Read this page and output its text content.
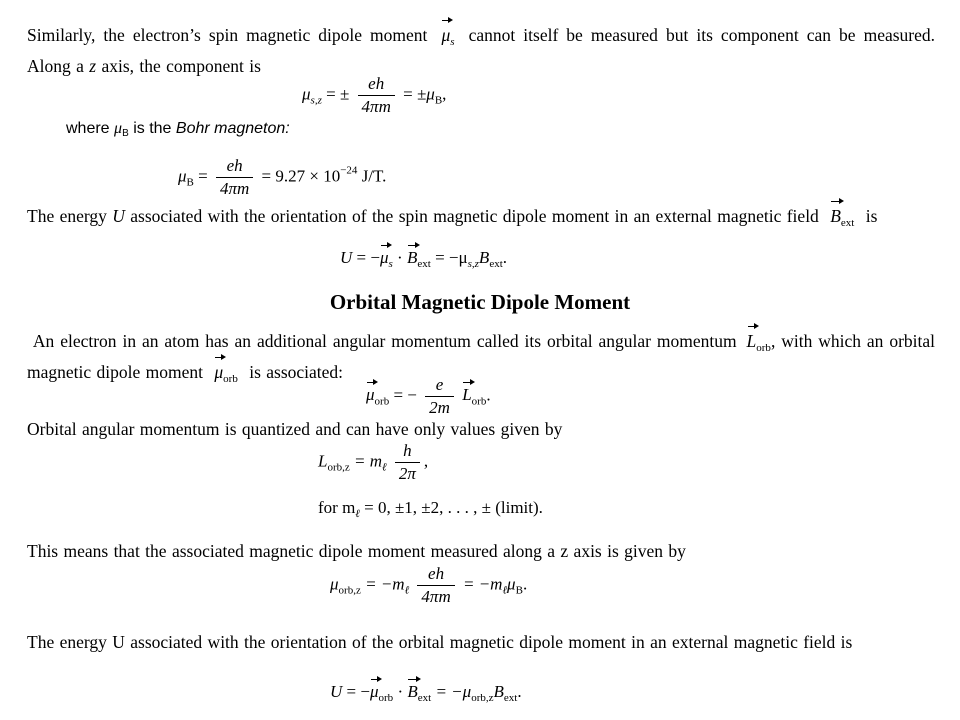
Similarly, the electron’s spin magnetic dipole moment $\mu_s$ cannot itself be measured but its component can be measured. Along a z axis, the component is
$\mu_{s,z}$ = ± $\frac{eh}{4\pi m} = \pm\mu_B$,
where μB is the Bohr magneton:
$\mu_B = \frac{eh}{4\pi m} = 9.27 \times 10^{-24}$ J/T.
The energy U associated with the orientation of the spin magnetic dipole moment in an external magnetic field $B_{ext}$ is
$U = -\mu_s \cdot B_{ext} = -\mu_{s,z}B_{ext}$.
Orbital Magnetic Dipole Moment
An electron in an atom has an additional angular momentum called its orbital angular momentum $L_{orb}$, with which an orbital magnetic dipole moment $\mu_{orb}$ is associated:
$\mu_{orb}$ = − $\frac{e}{2m} L_{orb}$.
Orbital angular momentum is quantized and can have only values given by
$L_{orb,z} = m_\ell \frac{h}{2\pi}$ ,
for $m_\ell = 0$, ±1, ±2, . . . , ± (limit).
This means that the associated magnetic dipole moment measured along a z axis is given by
$\mu_{orb,z} = -m_\ell \frac{eh}{4\pi m} = -m_\ell\mu_B$.
The energy U associated with the orientation of the orbital magnetic dipole moment in an external magnetic field is
$U = -\mu_{orb} \cdot B_{ext} = -\mu_{orb,z}B_{ext}$.
